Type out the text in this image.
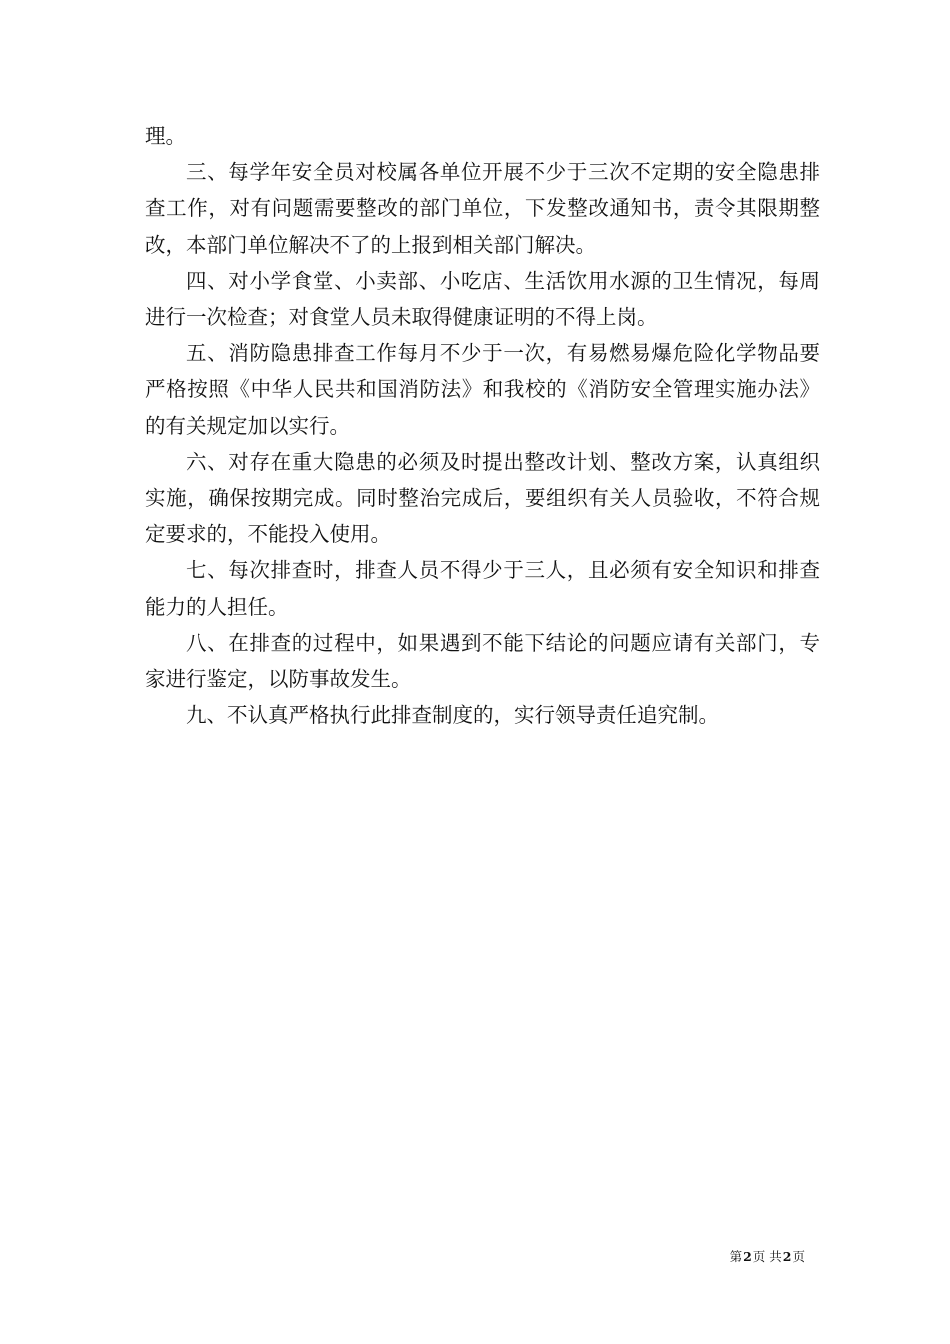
理。

三、每学年安全员对校属各单位开展不少于三次不定期的安全隐患排查工作，对有问题需要整改的部门单位，下发整改通知书，责令其限期整改，本部门单位解决不了的上报到相关部门解决。

四、对小学食堂、小卖部、小吃店、生活饮用水源的卫生情况，每周进行一次检查；对食堂人员未取得健康证明的不得上岗。

五、消防隐患排查工作每月不少于一次，有易燃易爆危险化学物品要严格按照《中华人民共和国消防法》和我校的《消防安全管理实施办法》的有关规定加以实行。

六、对存在重大隐患的必须及时提出整改计划、整改方案，认真组织实施，确保按期完成。同时整治完成后，要组织有关人员验收，不符合规定要求的，不能投入使用。

七、每次排查时，排查人员不得少于三人，且必须有安全知识和排查能力的人担任。

八、在排查的过程中，如果遇到不能下结论的问题应请有关部门，专家进行鉴定，以防事故发生。

九、不认真严格执行此排查制度的，实行领导责任追究制。

第2页 共2页
